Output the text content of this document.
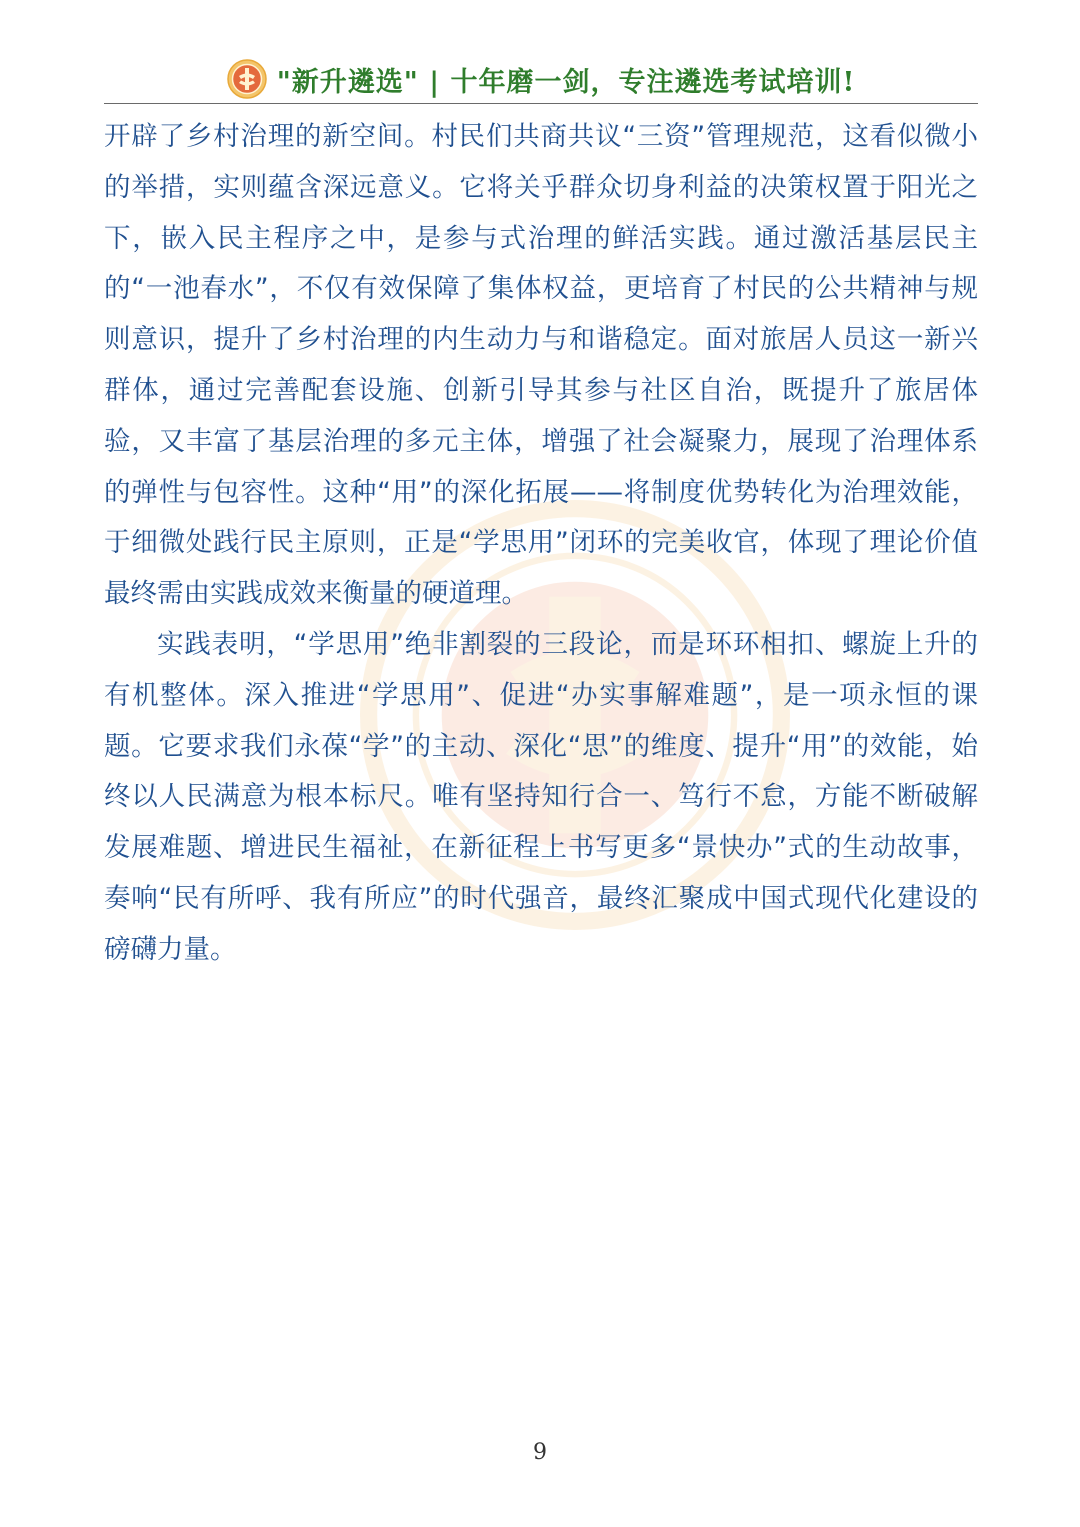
"新升遴选" | 十年磨一剑，专注遴选考试培训!

开辟了乡村治理的新空间。村民们共商共议“三资”管理规范，这看似微小的举措，实则蕴含深远意义。它将关乎群众切身利益的决策权置于阳光之下，嵌入民主程序之中，是参与式治理的鲜活实践。通过激活基层民主的“一池春水”，不仅有效保障了集体权益，更培育了村民的公共精神与规则意识，提升了乡村治理的内生动力与和谐稳定。面对旅居人员这一新兴群体，通过完善配套设施、创新引导其参与社区自治，既提升了旅居体验，又丰富了基层治理的多元主体，增强了社会凝聚力，展现了治理体系的弹性与包容性。这种“用”的深化拓展——将制度优势转化为治理效能，于细微处践行民主原则，正是“学思用”闭环的完美收官，体现了理论价值最终需由实践成效来衡量的硬道理。

实践表明，“学思用”绝非割裂的三段论，而是环环相扣、螺旋上升的有机整体。深入推进“学思用”、促进“办实事解难题”，是一项永恒的课题。它要求我们永葆“学”的主动、深化“思”的维度、提升“用”的效能，始终以人民满意为根本标尺。唯有坚持知行合一、笃行不怠，方能不断破解发展难题、增进民生福祉，在新征程上书写更多“景快办”式的生动故事，奏响“民有所呼、我有所应”的时代强音，最终汇聚成中国式现代化建设的磅礴力量。

9
